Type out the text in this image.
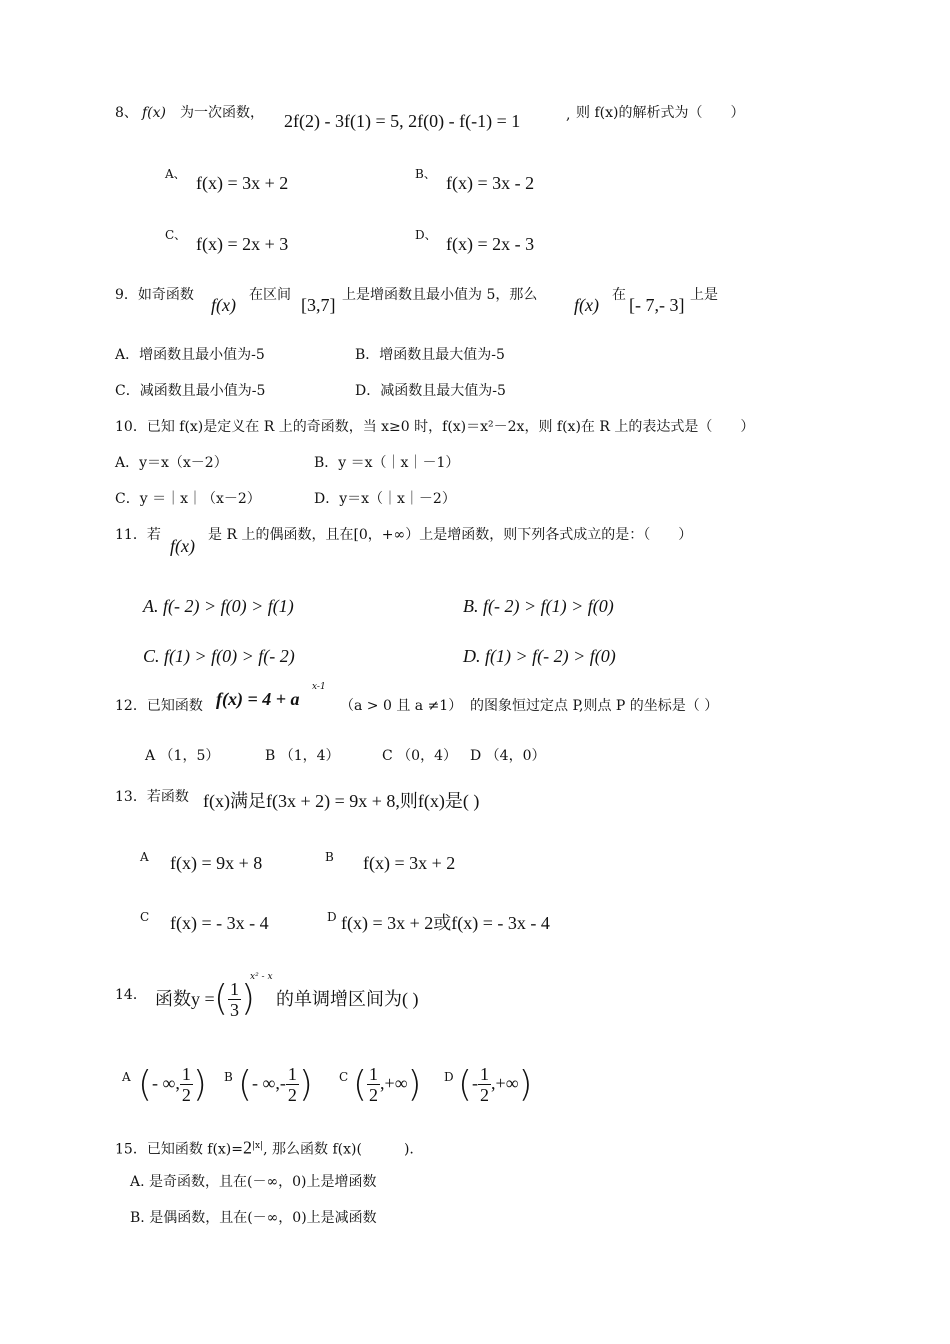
8、 f(x) 为一次函数， 2f(2) - 3f(1) = 5, 2f(0) - f(-1) = 1	, 则 f(x)的解析式为（　　）
A、 f(x) = 3x + 2	B、 f(x) = 3x - 2
C、 f(x) = 2x + 3	D、 f(x) = 2x - 3
9．如奇函数 f(x) 在区间 [3,7] 上是增函数且最小值为 5，那么 f(x) 在 [- 7,- 3] 上是
A．增函数且最小值为-5	B．增函数且最大值为-5
C．减函数且最小值为-5	D．减函数且最大值为-5
10．已知 f(x)是定义在 R 上的奇函数，当 x≥0 时，f(x)＝x²－2x，则 f(x)在 R 上的表达式是（　　）
A．y＝x（x－2）	B．y ＝x（｜x｜－1）
C．y ＝｜x｜（x－2）	D．y＝x（｜x｜－2）
11．若
f(x)
是 R 上的偶函数，且在[0，+∞）上是增函数，则下列各式成立的是：（　　）
A. f(- 2) > f(0) > f(1)	B. f(- 2) > f(1) > f(0)
C. f(1) > f(0) > f(- 2)	D. f(1) > f(- 2) > f(0)
12．已知函数 f(x) = 4 + a
x-1
（a > 0 且 a ≠1） 的图象恒过定点 P,则点 P 的坐标是（ ）
A （1，5）	B （1，4）	C （0，4） D （4，0）
13．若函数 f(x)满足f(3x + 2) = 9x + 8,则f(x)是( )
A f(x) = 9x + 8	B f(x) = 3x + 2
C f(x) = - 3x - 4	D f(x) = 3x + 2或f(x) = - 3x - 4
14． 函数y = ( $\frac{1}{3}$ )
x² - x
的单调增区间为( )
A (- ∞, $\frac{1}{2}$ ) B (- ∞,- $\frac{1}{2}$ ) C ( $\frac{1}{2}$ ,+∞) D (- $\frac{1}{2}$ ,+∞)
15．已知函数 $f(x)=2^{|x|}$, 那么函数 f(x)(　　　).
A. 是奇函数，且在(－∞，0)上是增函数
B. 是偶函数，且在(－∞，0)上是减函数
